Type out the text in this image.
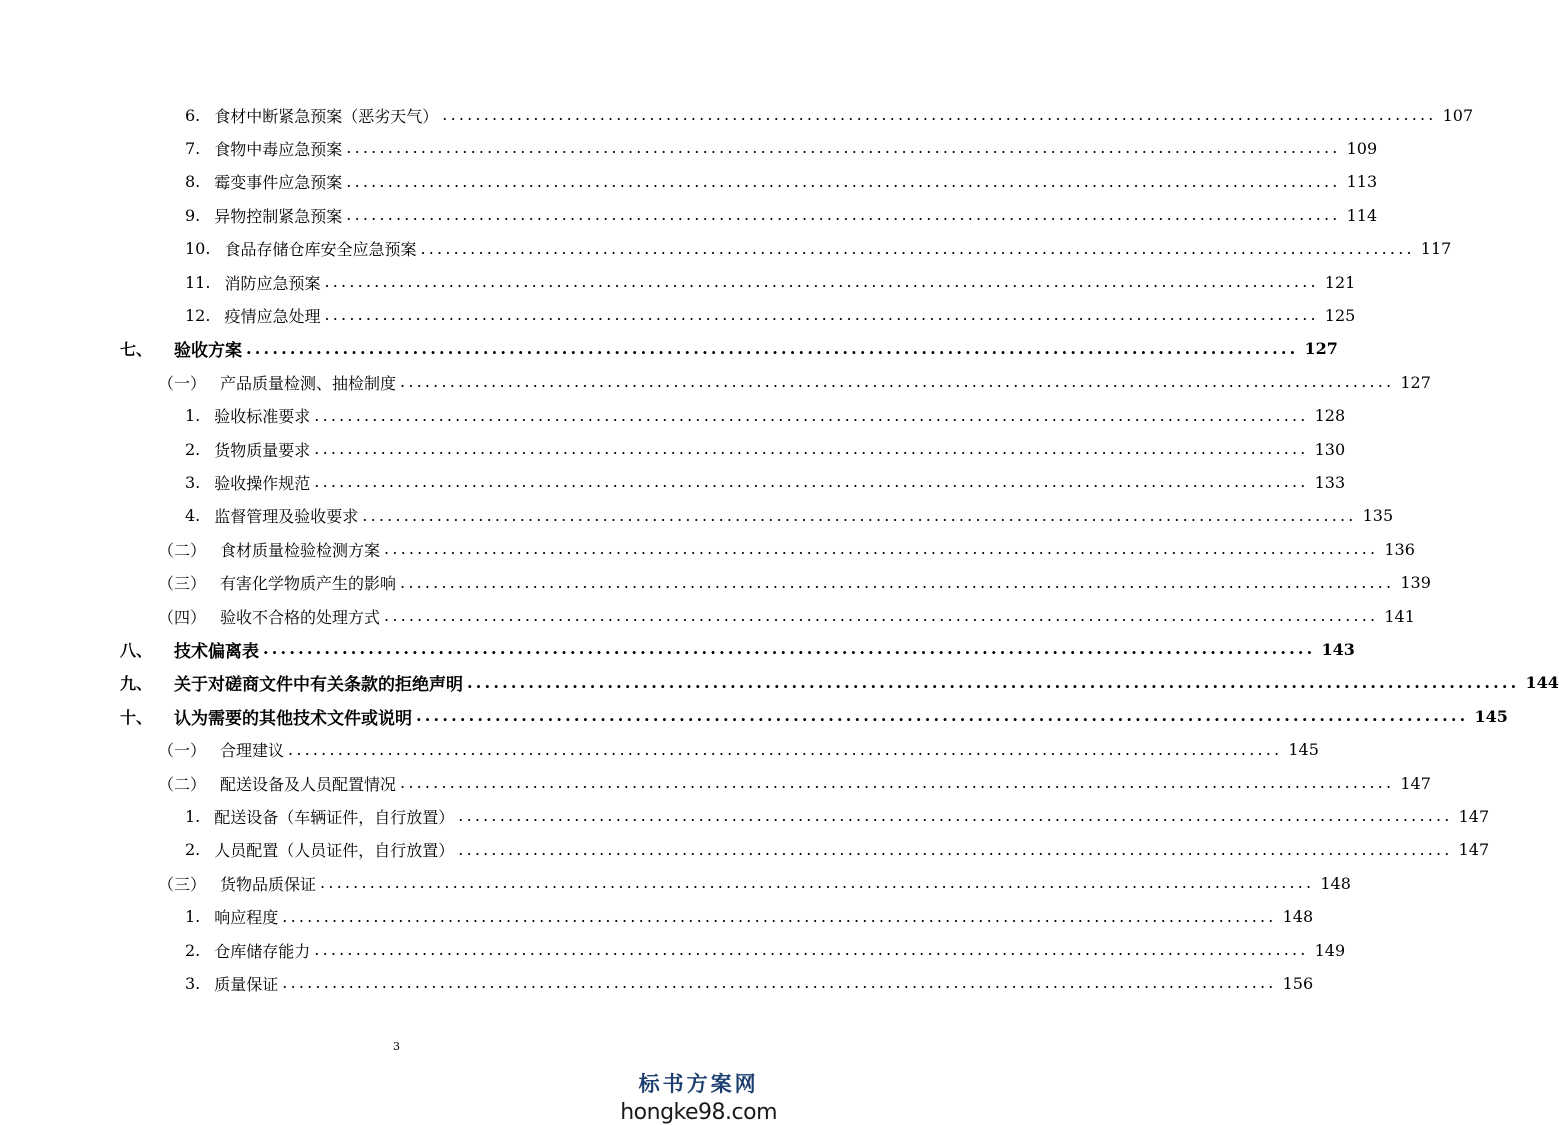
6. 食材中断紧急预案（恶劣天气） ........................................................................................................................ 107
7. 食物中毒应急预案 ........................................................................................................................ 109
8. 霉变事件应急预案 ........................................................................................................................ 113
9. 异物控制紧急预案 ........................................................................................................................ 114
10. 食品存储仓库安全应急预案 ........................................................................................................................ 117
11. 消防应急预案 ........................................................................................................................ 121
12. 疫情应急处理 ........................................................................................................................ 125
七、 验收方案 ........................................................................................................................ 127
（一） 产品质量检测、抽检制度 ........................................................................................................................ 127
1. 验收标准要求 ........................................................................................................................ 128
2. 货物质量要求 ........................................................................................................................ 130
3. 验收操作规范 ........................................................................................................................ 133
4. 监督管理及验收要求 ........................................................................................................................ 135
（二） 食材质量检验检测方案 ........................................................................................................................ 136
（三） 有害化学物质产生的影响 ........................................................................................................................ 139
（四） 验收不合格的处理方式 ........................................................................................................................ 141
八、 技术偏离表 ........................................................................................................................ 143
九、 关于对磋商文件中有关条款的拒绝声明 ........................................................................................................................ 144
十、 认为需要的其他技术文件或说明 ........................................................................................................................ 145
（一） 合理建议 ........................................................................................................................ 145
（二） 配送设备及人员配置情况 ........................................................................................................................ 147
1. 配送设备（车辆证件，自行放置） ........................................................................................................................ 147
2. 人员配置（人员证件，自行放置） ........................................................................................................................ 147
（三） 货物品质保证 ........................................................................................................................ 148
1. 响应程度 ........................................................................................................................ 148
2. 仓库储存能力 ........................................................................................................................ 149
3. 质量保证 ........................................................................................................................ 156
3
标书方案网
hongke98.com
